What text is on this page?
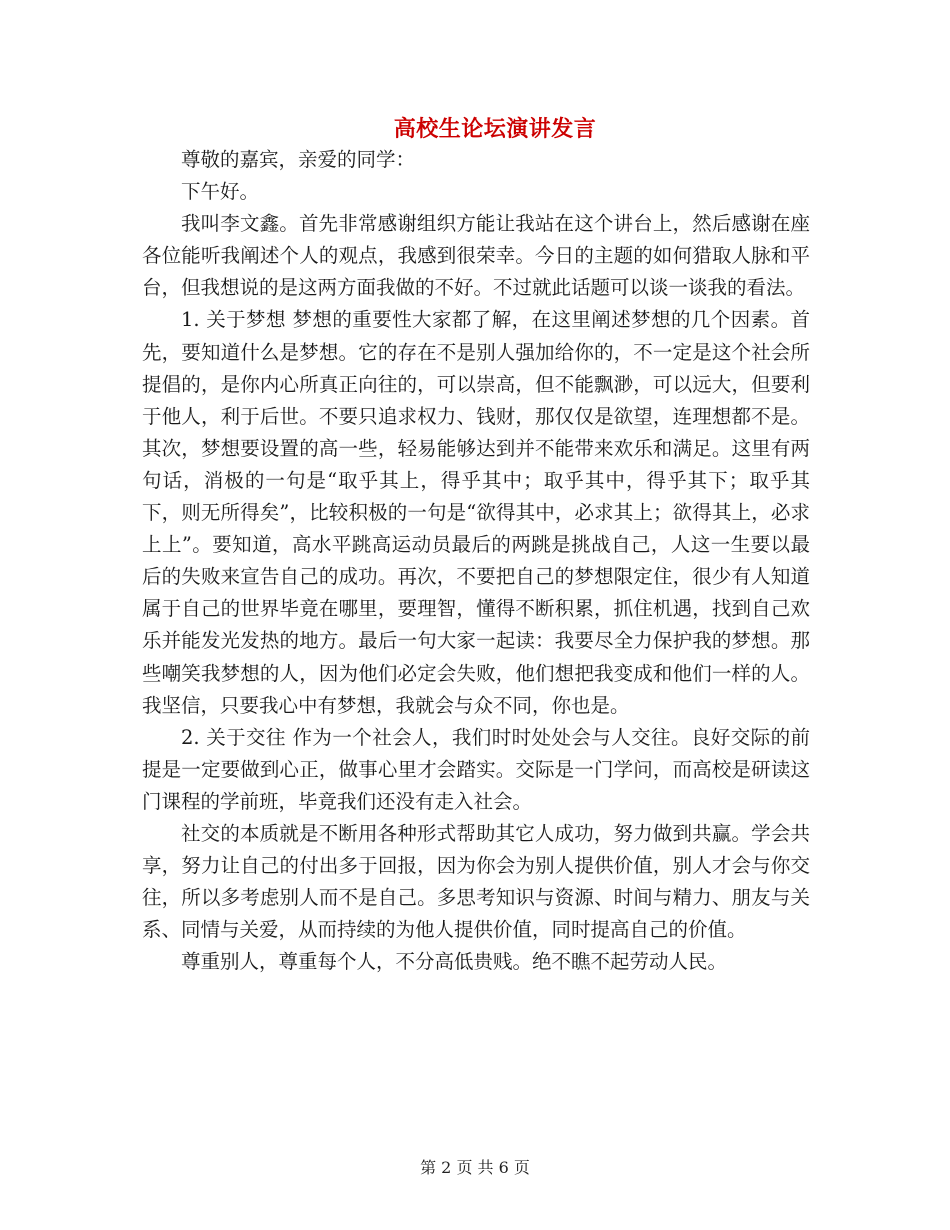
高校生论坛演讲发言

尊敬的嘉宾，亲爱的同学：

下午好。

我叫李文鑫。首先非常感谢组织方能让我站在这个讲台上，然后感谢在座各位能听我阐述个人的观点，我感到很荣幸。今日的主题的如何猎取人脉和平台，但我想说的是这两方面我做的不好。不过就此话题可以谈一谈我的看法。

1. 关于梦想 梦想的重要性大家都了解，在这里阐述梦想的几个因素。首先，要知道什么是梦想。它的存在不是别人强加给你的，不一定是这个社会所提倡的，是你内心所真正向往的，可以崇高，但不能飘渺，可以远大，但要利于他人，利于后世。不要只追求权力、钱财，那仅仅是欲望，连理想都不是。其次，梦想要设置的高一些，轻易能够达到并不能带来欢乐和满足。这里有两句话，消极的一句是“取乎其上，得乎其中；取乎其中，得乎其下；取乎其下，则无所得矣”，比较积极的一句是“欲得其中，必求其上；欲得其上，必求上上”。要知道，高水平跳高运动员最后的两跳是挑战自己，人这一生要以最后的失败来宣告自己的成功。再次，不要把自己的梦想限定住，很少有人知道属于自己的世界毕竟在哪里，要理智，懂得不断积累，抓住机遇，找到自己欢乐并能发光发热的地方。最后一句大家一起读：我要尽全力保护我的梦想。那些嘲笑我梦想的人，因为他们必定会失败，他们想把我变成和他们一样的人。我坚信，只要我心中有梦想，我就会与众不同，你也是。

2. 关于交往 作为一个社会人，我们时时处处会与人交往。良好交际的前提是一定要做到心正，做事心里才会踏实。交际是一门学问，而高校是研读这门课程的学前班，毕竟我们还没有走入社会。

社交的本质就是不断用各种形式帮助其它人成功，努力做到共赢。学会共享，努力让自己的付出多于回报，因为你会为别人提供价值，别人才会与你交往，所以多考虑别人而不是自己。多思考知识与资源、时间与精力、朋友与关系、同情与关爱，从而持续的为他人提供价值，同时提高自己的价值。

尊重别人，尊重每个人，不分高低贵贱。绝不瞧不起劳动人民。

第 2 页 共 6 页
